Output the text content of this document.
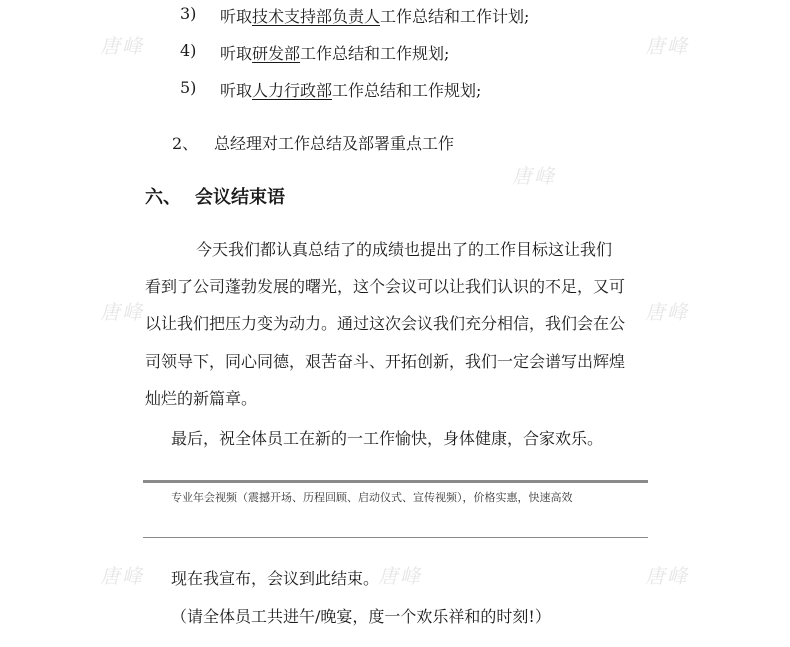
唐峰	唐峰
唐峰
唐峰	唐峰
唐峰	唐峰	唐峰
3) 听取技术支持部负责人工作总结和工作计划;
4) 听取研发部工作总结和工作规划;
5) 听取人力行政部工作总结和工作规划;
2、 总经理对工作总结及部署重点工作
六、 会议结束语
今天我们都认真总结了的成绩也提出了的工作目标这让我们
看到了公司蓬勃发展的曙光，这个会议可以让我们认识的不足，又可
以让我们把压力变为动力。通过这次会议我们充分相信，我们会在公
司领导下，同心同德，艰苦奋斗、开拓创新，我们一定会谱写出辉煌
灿烂的新篇章。
最后，祝全体员工在新的一工作愉快，身体健康，合家欢乐。
专业年会视频（震撼开场、历程回顾、启动仪式、宣传视频），价格实惠，快速高效
现在我宣布，会议到此结束。
（请全体员工共进午/晚宴，度一个欢乐祥和的时刻!）
